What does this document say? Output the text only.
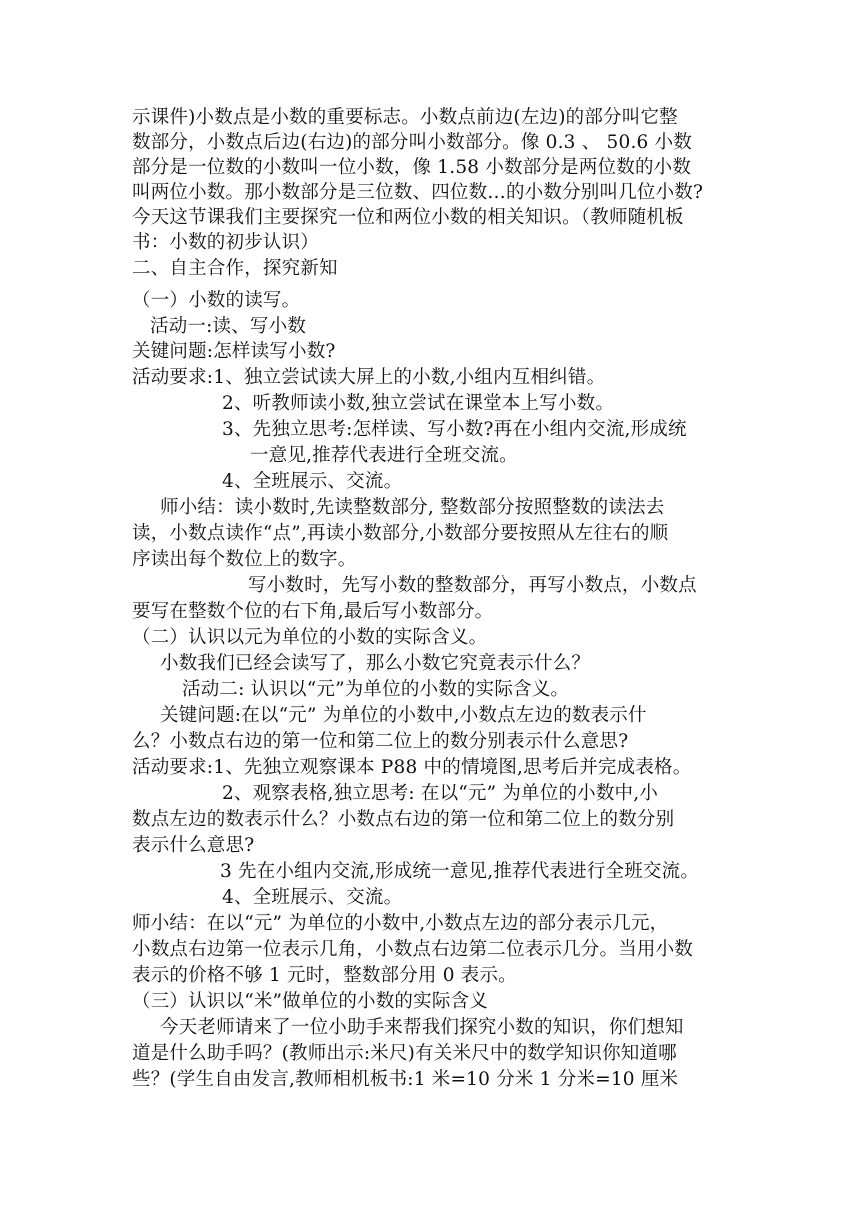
示课件)小数点是小数的重要标志。小数点前边(左边)的部分叫它整
数部分，小数点后边(右边)的部分叫小数部分。像 0.3 、 50.6 小数
部分是一位数的小数叫一位小数，像 1.58 小数部分是两位数的小数
叫两位小数。那小数部分是三位数、四位数…的小数分别叫几位小数?
今天这节课我们主要探究一位和两位小数的相关知识。（教师随机板
书：小数的初步认识）
二、自主合作，探究新知
（一）小数的读写。
活动一:读、写小数
关键问题:怎样读写小数?
活动要求:1、独立尝试读大屏上的小数,小组内互相纠错。
2、听教师读小数,独立尝试在课堂本上写小数。
3、先独立思考:怎样读、写小数?再在小组内交流,形成统
一意见,推荐代表进行全班交流。
4、全班展示、交流。
师小结：读小数时,先读整数部分, 整数部分按照整数的读法去
读，小数点读作“点”,再读小数部分,小数部分要按照从左往右的顺
序读出每个数位上的数字。
写小数时，先写小数的整数部分，再写小数点，小数点
要写在整数个位的右下角,最后写小数部分。
（二）认识以元为单位的小数的实际含义。
小数我们已经会读写了，那么小数它究竟表示什么？
活动二: 认识以“元”为单位的小数的实际含义。
关键问题:在以“元” 为单位的小数中,小数点左边的数表示什
么？小数点右边的第一位和第二位上的数分别表示什么意思?
活动要求:1、先独立观察课本 P88 中的情境图,思考后并完成表格。
2、观察表格,独立思考: 在以“元” 为单位的小数中,小
数点左边的数表示什么？小数点右边的第一位和第二位上的数分别
表示什么意思?
3 先在小组内交流,形成统一意见,推荐代表进行全班交流。
4、全班展示、交流。
师小结：在以“元” 为单位的小数中,小数点左边的部分表示几元，
小数点右边第一位表示几角，小数点右边第二位表示几分。当用小数
表示的价格不够 1 元时，整数部分用 0 表示。
（三）认识以“米”做单位的小数的实际含义
今天老师请来了一位小助手来帮我们探究小数的知识，你们想知
道是什么助手吗？(教师出示:米尺)有关米尺中的数学知识你知道哪
些？(学生自由发言,教师相机板书:1 米=10 分米 1 分米=10 厘米
